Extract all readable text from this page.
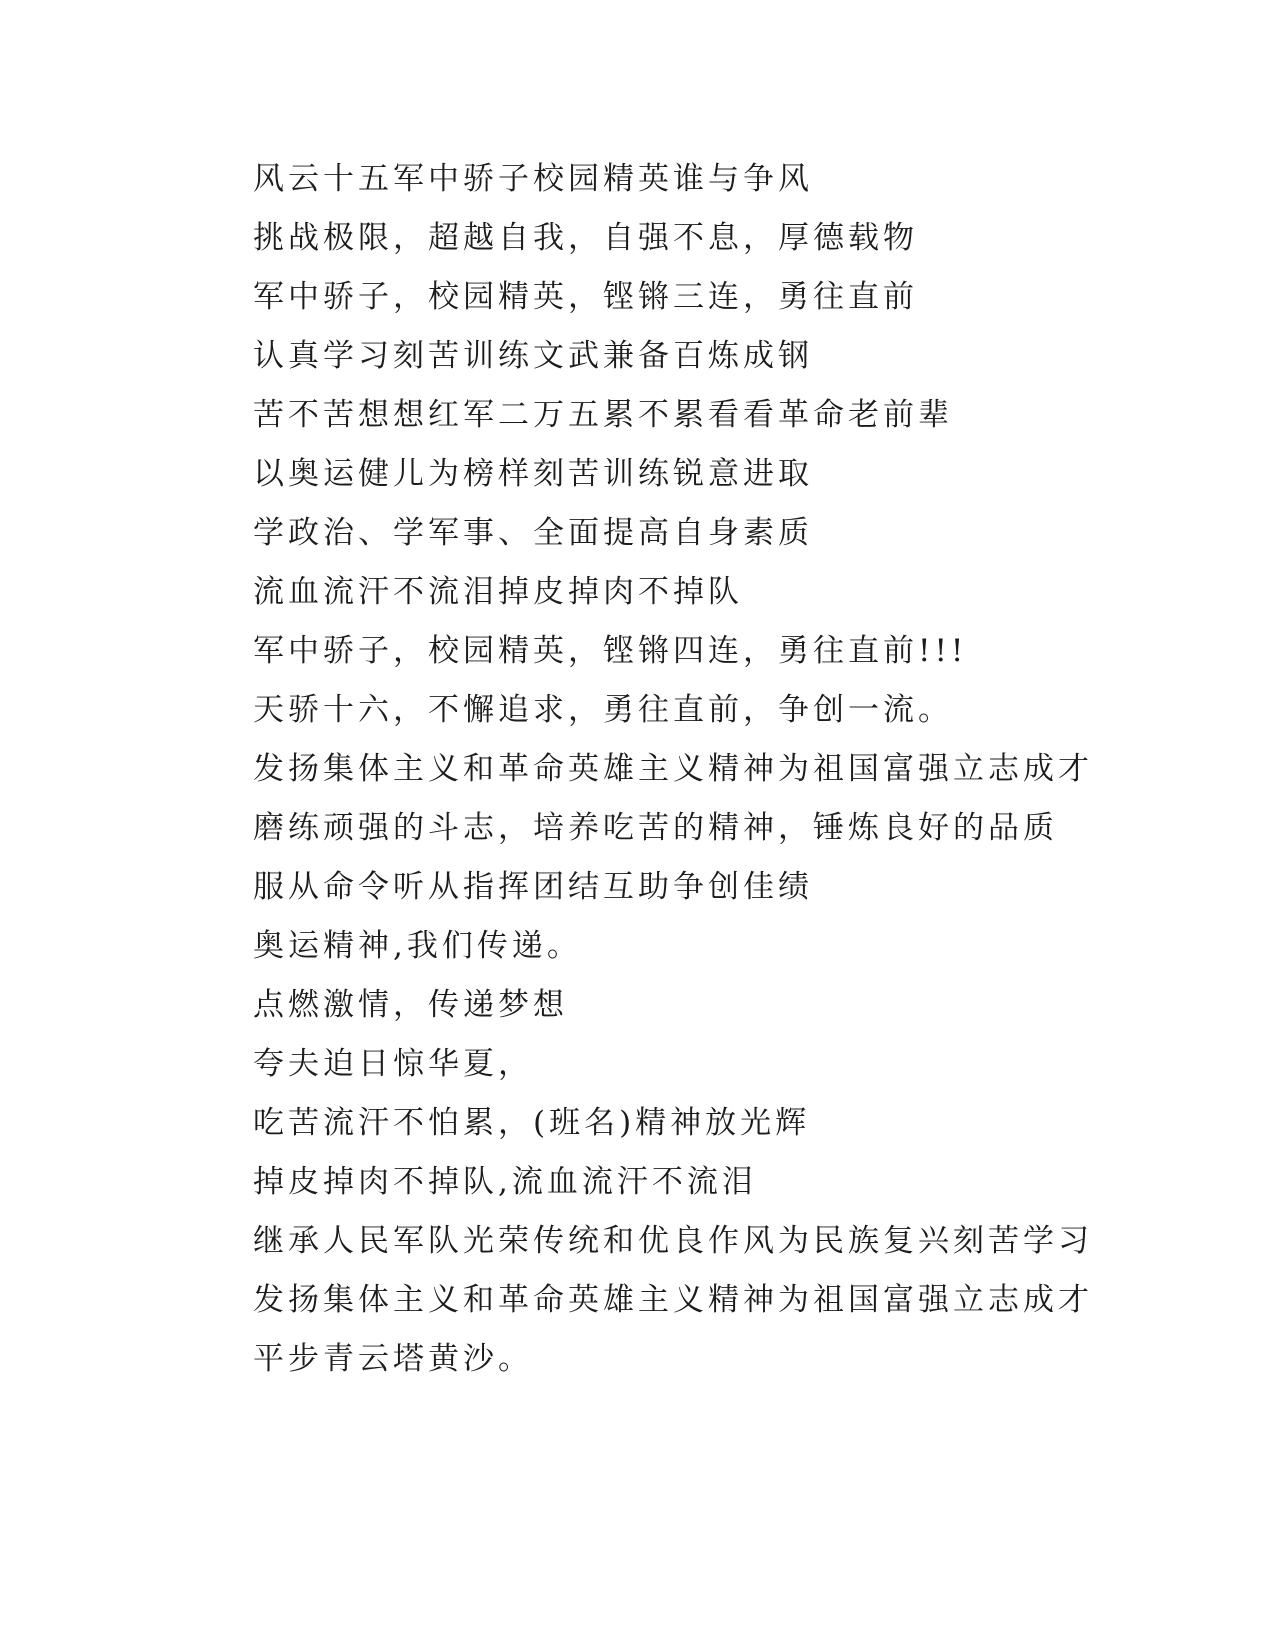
风云十五军中骄子校园精英谁与争风
挑战极限，超越自我，自强不息，厚德载物
军中骄子，校园精英，铿锵三连，勇往直前
认真学习刻苦训练文武兼备百炼成钢
苦不苦想想红军二万五累不累看看革命老前辈
以奥运健儿为榜样刻苦训练锐意进取
学政治、学军事、全面提高自身素质
流血流汗不流泪掉皮掉肉不掉队
军中骄子，校园精英，铿锵四连，勇往直前!!!
天骄十六，不懈追求，勇往直前，争创一流。
发扬集体主义和革命英雄主义精神为祖国富强立志成才
磨练顽强的斗志，培养吃苦的精神，锤炼良好的品质
服从命令听从指挥团结互助争创佳绩
奥运精神,我们传递。
点燃激情，传递梦想
夸夫迫日惊华夏，
吃苦流汗不怕累，(班名)精神放光辉
掉皮掉肉不掉队,流血流汗不流泪
继承人民军队光荣传统和优良作风为民族复兴刻苦学习
发扬集体主义和革命英雄主义精神为祖国富强立志成才
平步青云塔黄沙。
